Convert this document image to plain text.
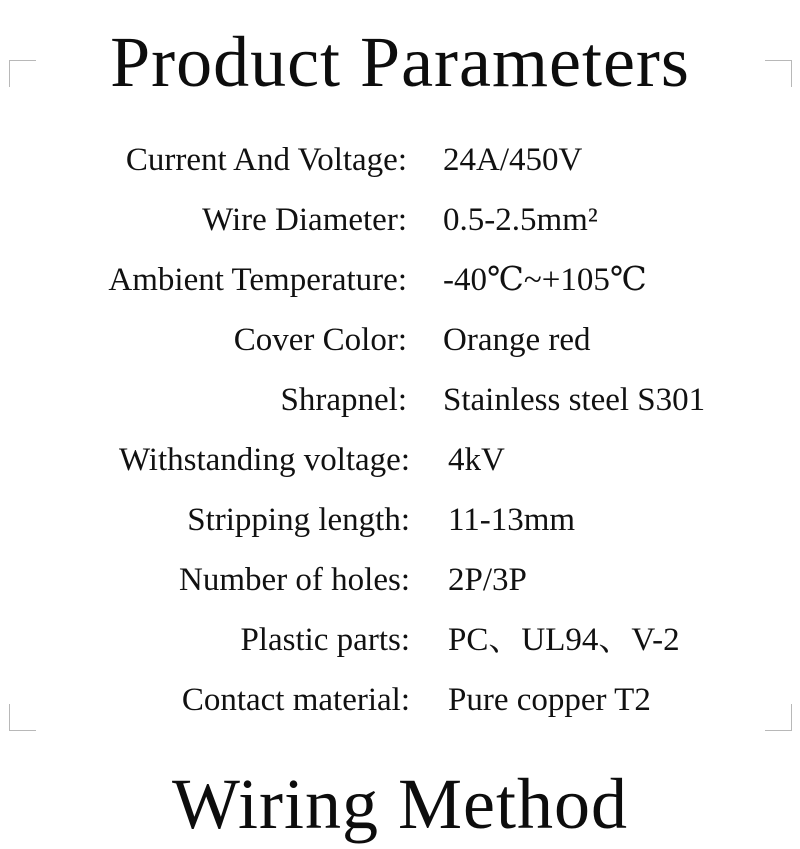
Product Parameters
Current And Voltage: 24A/450V
Wire Diameter: 0.5-2.5mm²
Ambient Temperature: -40℃~+105℃
Cover Color: Orange red
Shrapnel: Stainless steel S301
Withstanding voltage: 4kV
Stripping length: 11-13mm
Number of holes: 2P/3P
Plastic parts: PC、UL94、V-2
Contact material: Pure copper T2
Wiring Method
